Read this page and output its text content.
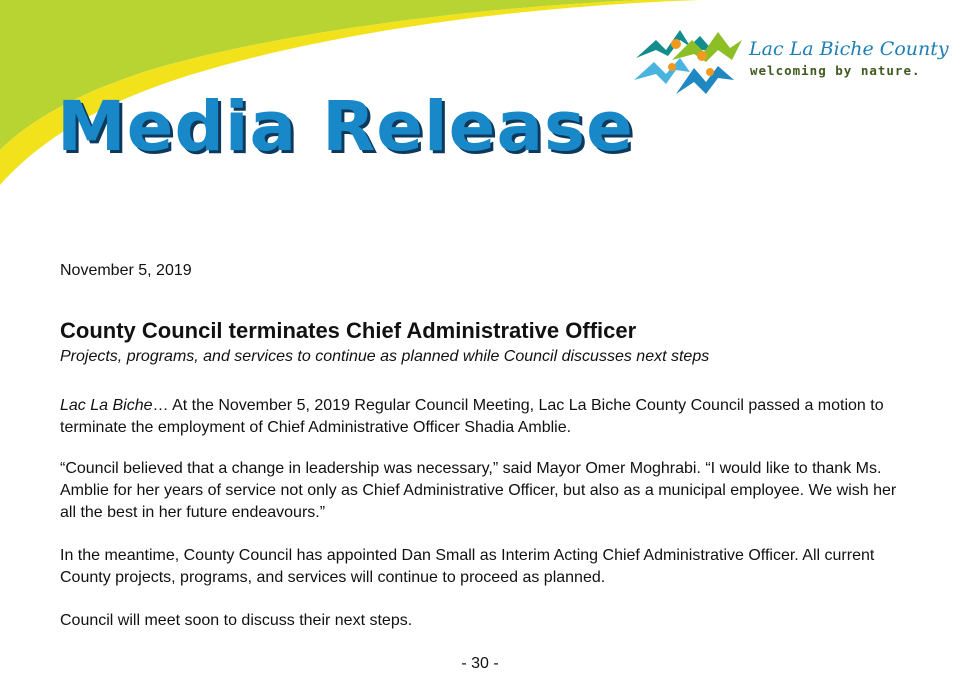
Lac La Biche County
welcoming by nature.
Media Release
November 5, 2019
County Council terminates Chief Administrative Officer
Projects, programs, and services to continue as planned while Council discusses next steps
Lac La Biche… At the November 5, 2019 Regular Council Meeting, Lac La Biche County Council passed a motion to terminate the employment of Chief Administrative Officer Shadia Amblie.
“Council believed that a change in leadership was necessary,” said Mayor Omer Moghrabi. “I would like to thank Ms. Amblie for her years of service not only as Chief Administrative Officer, but also as a municipal employee. We wish her all the best in her future endeavours.”
In the meantime, County Council has appointed Dan Small as Interim Acting Chief Administrative Officer. All current County projects, programs, and services will continue to proceed as planned.
Council will meet soon to discuss their next steps.
- 30 -
